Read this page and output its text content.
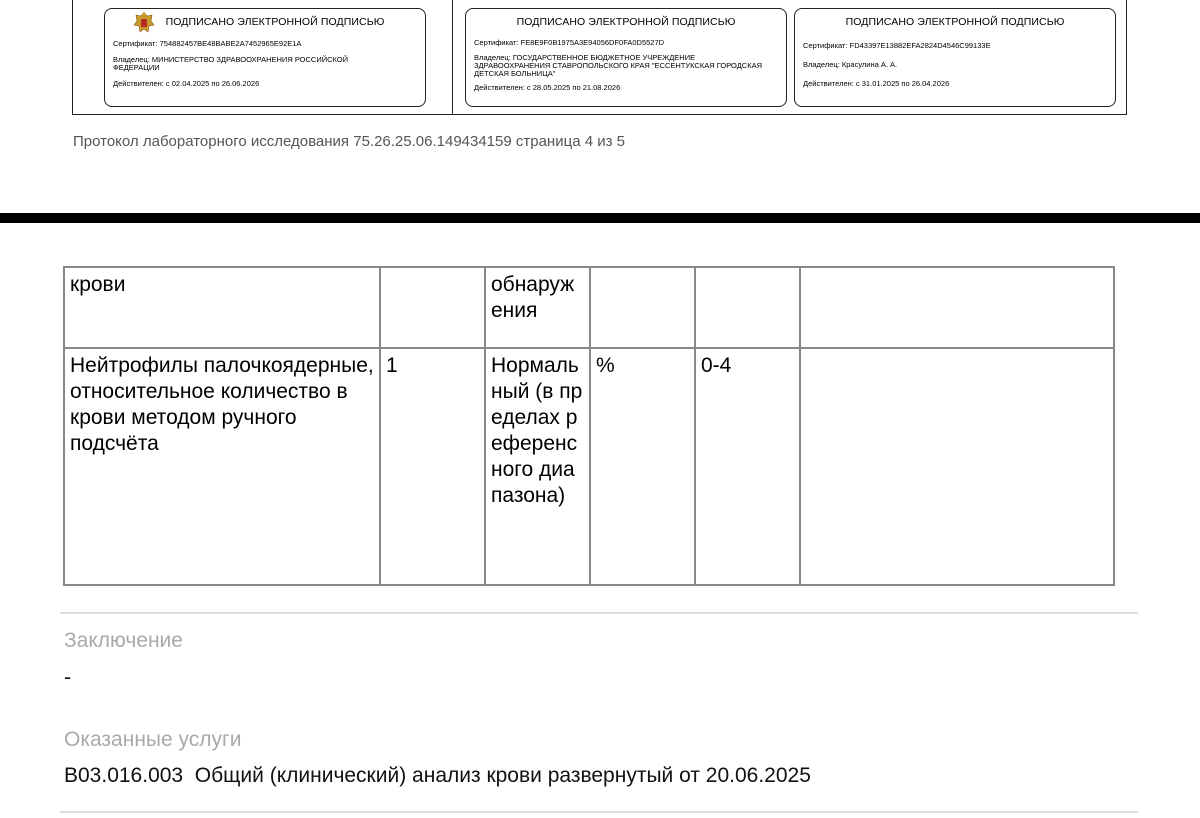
ПОДПИСАНО ЭЛЕКТРОННОЙ ПОДПИСЬЮ
Сертификат: 754882457BE48BABE2A7452965E92E1A
Владелец: МИНИСТЕРСТВО ЗДРАВООХРАНЕНИЯ РОССИЙСКОЙ ФЕДЕРАЦИИ
Действителен: с 02.04.2025 по 26.06.2026
ПОДПИСАНО ЭЛЕКТРОННОЙ ПОДПИСЬЮ
Сертификат: FE8E9F0B1975A3E94056DF0FA0D5527D
Владелец: ГОСУДАРСТВЕННОЕ БЮДЖЕТНОЕ УЧРЕЖДЕНИЕ ЗДРАВООХРАНЕНИЯ СТАВРОПОЛЬСКОГО КРАЯ "ЕССЕНТУКСКАЯ ГОРОДСКАЯ ДЕТСКАЯ БОЛЬНИЦА"
Действителен: с 28.05.2025 по 21.08.2026
ПОДПИСАНО ЭЛЕКТРОННОЙ ПОДПИСЬЮ
Сертификат: FD43397E13882EFA2824D4546C99133E
Владелец: Красулина А. А.
Действителен: с 31.01.2025 по 26.04.2026
Протокол лабораторного исследования 75.26.25.06.149434159 страница 4 из 5
крови		обнаружения			
Нейтрофилы палочкоядерные, относительное количество в крови методом ручного подсчёта	1	Нормальный (в пределах референсного диапазона)	%	0-4	
Заключение
-
Оказанные услуги
B03.016.003  Общий (клинический) анализ крови развернутый от 20.06.2025
